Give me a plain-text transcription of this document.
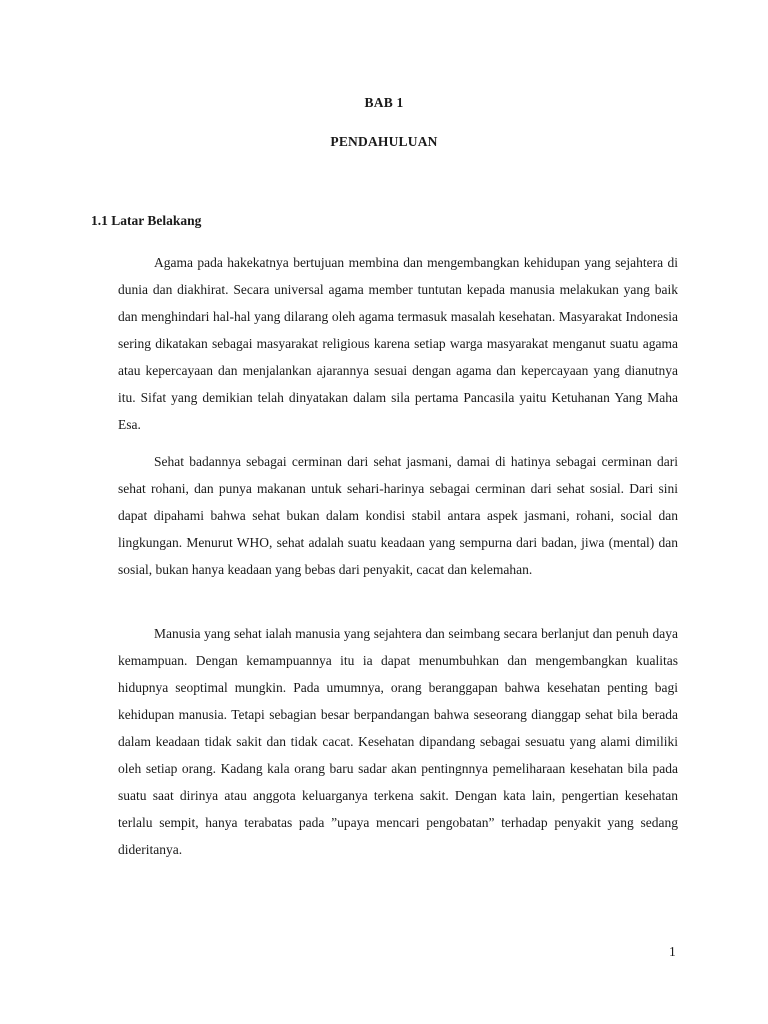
BAB 1
PENDAHULUAN
1.1 Latar Belakang

Agama pada hakekatnya bertujuan membina dan mengembangkan kehidupan yang sejahtera di dunia dan diakhirat. Secara universal agama member tuntutan kepada manusia melakukan yang baik dan menghindari hal-hal yang dilarang oleh agama termasuk masalah kesehatan. Masyarakat Indonesia sering dikatakan sebagai masyarakat religious karena setiap warga masyarakat menganut suatu agama atau kepercayaan dan menjalankan ajarannya sesuai dengan agama dan kepercayaan yang dianutnya itu. Sifat yang demikian telah dinyatakan dalam sila pertama Pancasila yaitu Ketuhanan Yang Maha Esa.

Sehat badannya sebagai cerminan dari sehat jasmani, damai di hatinya sebagai cerminan dari sehat rohani, dan punya makanan untuk sehari-harinya sebagai cerminan dari sehat sosial. Dari sini dapat dipahami bahwa sehat bukan dalam kondisi stabil antara aspek jasmani, rohani, social dan lingkungan. Menurut WHO, sehat adalah suatu keadaan yang sempurna dari badan, jiwa (mental) dan sosial, bukan hanya keadaan yang bebas dari penyakit, cacat dan kelemahan.

Manusia yang sehat ialah manusia yang sejahtera dan seimbang secara berlanjut dan penuh daya kemampuan. Dengan kemampuannya itu ia dapat menumbuhkan dan mengembangkan kualitas hidupnya seoptimal mungkin. Pada umumnya, orang beranggapan bahwa kesehatan penting bagi kehidupan manusia. Tetapi sebagian besar berpandangan bahwa seseorang dianggap sehat bila berada dalam keadaan tidak sakit dan tidak cacat. Kesehatan dipandang sebagai sesuatu yang alami dimiliki oleh setiap orang. Kadang kala orang baru sadar akan pentingnnya pemeliharaan kesehatan bila pada suatu saat dirinya atau anggota keluarganya terkena sakit. Dengan kata lain, pengertian kesehatan terlalu sempit, hanya terabatas pada ”upaya mencari pengobatan” terhadap penyakit yang sedang dideritanya.

1
